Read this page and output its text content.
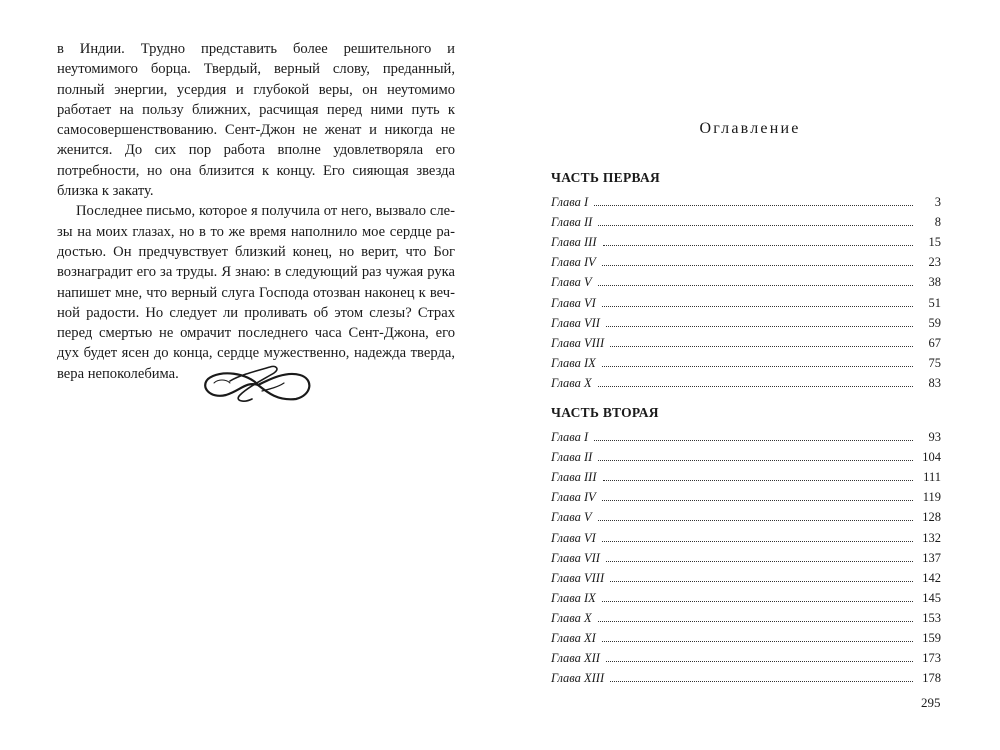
в Индии. Трудно представить более решительного и неутомимого борца. Твердый, верный слову, преданный, полный энергии, усердия и глубокой веры, он неутомимо работает на пользу ближних, расчищая перед ними путь к самосовершенствованию. Сент-Джон не женат и никогда не женится. До сих пор работа вполне удовлетворяла его потребности, но она близится к концу. Его сияющая звезда близка к закату.

Последнее письмо, которое я получила от него, вызвало слезы на моих глазах, но в то же время наполнило мое сердце радостью. Он предчувствует близкий конец, но верит, что Бог вознаградит его за труды. Я знаю: в следующий раз чужая рука напишет мне, что верный слуга Господа отозван наконец к вечной радости. Но следует ли проливать об этом слезы? Страх перед смертью не омрачит последнего часа Сент-Джона, его дух будет ясен до конца, сердце мужественно, надежда тверда, вера непоколебима.

Оглавление
ЧАСТЬ ПЕРВАЯ
Глава I	3
Глава II	8
Глава III	15
Глава IV	23
Глава V	38
Глава VI	51
Глава VII	59
Глава VIII	67
Глава IX	75
Глава X	83
ЧАСТЬ ВТОРАЯ
Глава I	93
Глава II	104
Глава III	111
Глава IV	119
Глава V	128
Глава VI	132
Глава VII	137
Глава VIII	142
Глава IX	145
Глава X	153
Глава XI	159
Глава XII	173
Глава XIII	178
295
